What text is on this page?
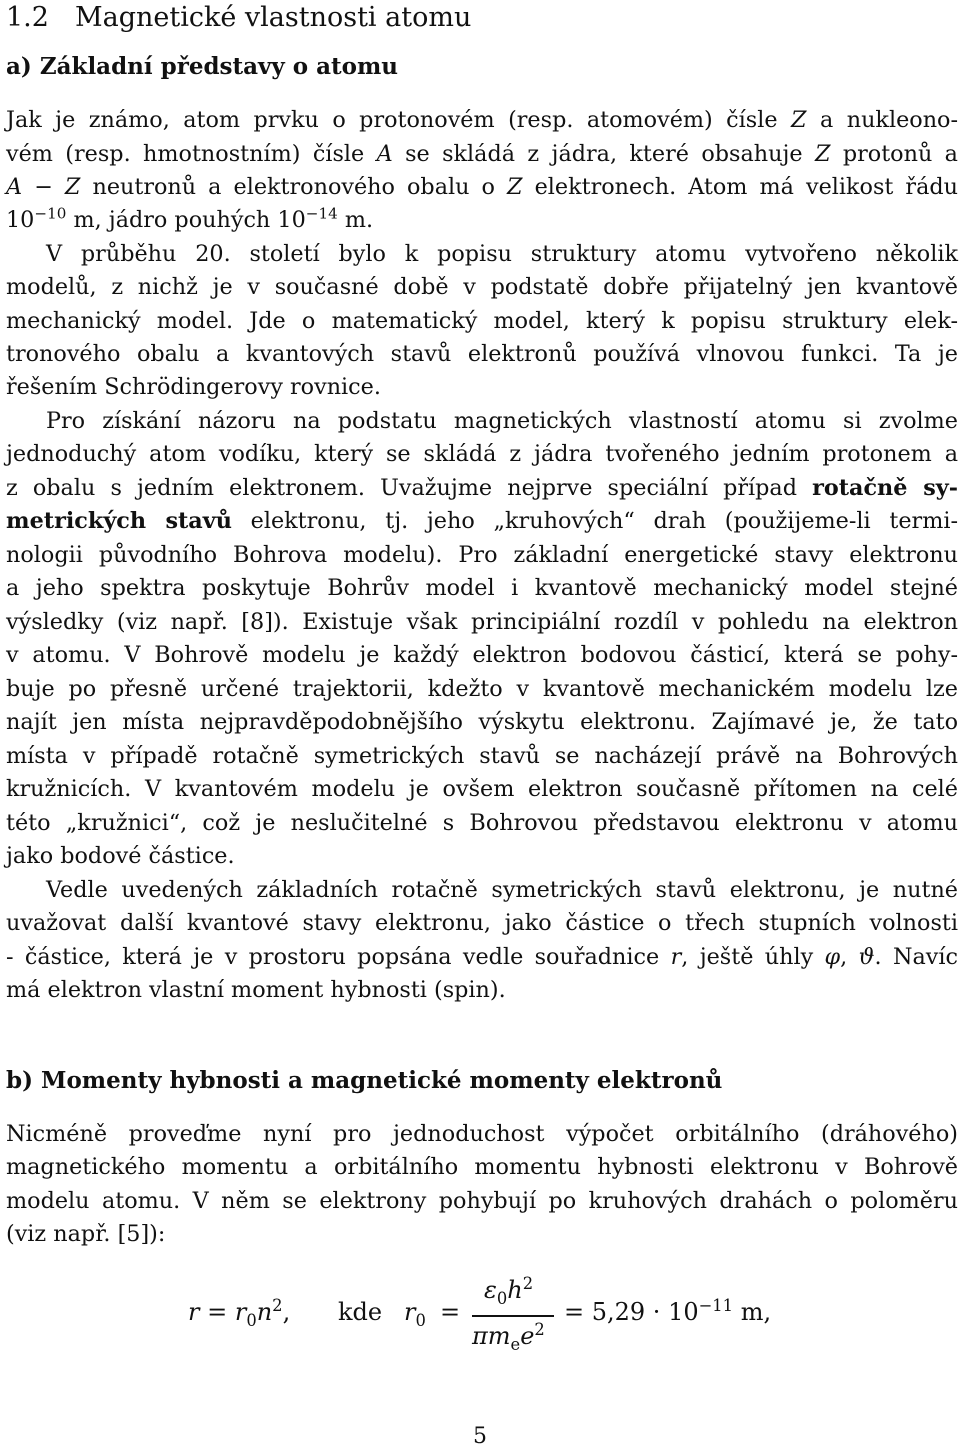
1.2 Magnetické vlastnosti atomu
a) Základní představy o atomu
Jak je známo, atom prvku o protonovém (resp. atomovém) čísle Z a nukleono-
vém (resp. hmotnostním) čísle A se skládá z jádra, které obsahuje Z protonů a
A − Z neutronů a elektronového obalu o Z elektronech. Atom má velikost řádu
$10^{-10}$ m, jádro pouhých $10^{-14}$ m.
V průběhu 20. století bylo k popisu struktury atomu vytvořeno několik
modelů, z nichž je v současné době v podstatě dobře přijatelný jen kvantově
mechanický model. Jde o matematický model, který k popisu struktury elek-
tronového obalu a kvantových stavů elektronů používá vlnovou funkci. Ta je
řešením Schrödingerovy rovnice.
Pro získání názoru na podstatu magnetických vlastností atomu si zvolme
jednoduchý atom vodíku, který se skládá z jádra tvořeného jedním protonem a
z obalu s jedním elektronem. Uvažujme nejprve speciální případ rotačně sy-
metrických stavů elektronu, tj. jeho „kruhových“ drah (použijeme-li termi-
nologii původního Bohrova modelu). Pro základní energetické stavy elektronu
a jeho spektra poskytuje Bohrův model i kvantově mechanický model stejné
výsledky (viz např. [8]). Existuje však principiální rozdíl v pohledu na elektron
v atomu. V Bohrově modelu je každý elektron bodovou částicí, která se pohy-
buje po přesně určené trajektorii, kdežto v kvantově mechanickém modelu lze
najít jen místa nejpravděpodobnějšího výskytu elektronu. Zajímavé je, že tato
místa v případě rotačně symetrických stavů se nacházejí právě na Bohrových
kružnicích. V kvantovém modelu je ovšem elektron současně přítomen na celé
této „kružnici“, což je neslučitelné s Bohrovou představou elektronu v atomu
jako bodové částice.
Vedle uvedených základních rotačně symetrických stavů elektronu, je nutné
uvažovat další kvantové stavy elektronu, jako částice o třech stupních volnosti
- částice, která je v prostoru popsána vedle souřadnice r, ještě úhly φ, ϑ. Navíc
má elektron vlastní moment hybnosti (spin).
b) Momenty hybnosti a magnetické momenty elektronů
Nicméně proveďme nyní pro jednoduchost výpočet orbitálního (dráhového)
magnetického momentu a orbitálního momentu hybnosti elektronu v Bohrově
modelu atomu. V něm se elektrony pohybují po kruhových drahách o poloměru
(viz např. [5]):
$r = r_0n^2$, kde $r_0$ =
$\varepsilon_0h^2$
$\pi m_ee^2$
= $5,29 \cdot 10^{-11}$ m,
5
